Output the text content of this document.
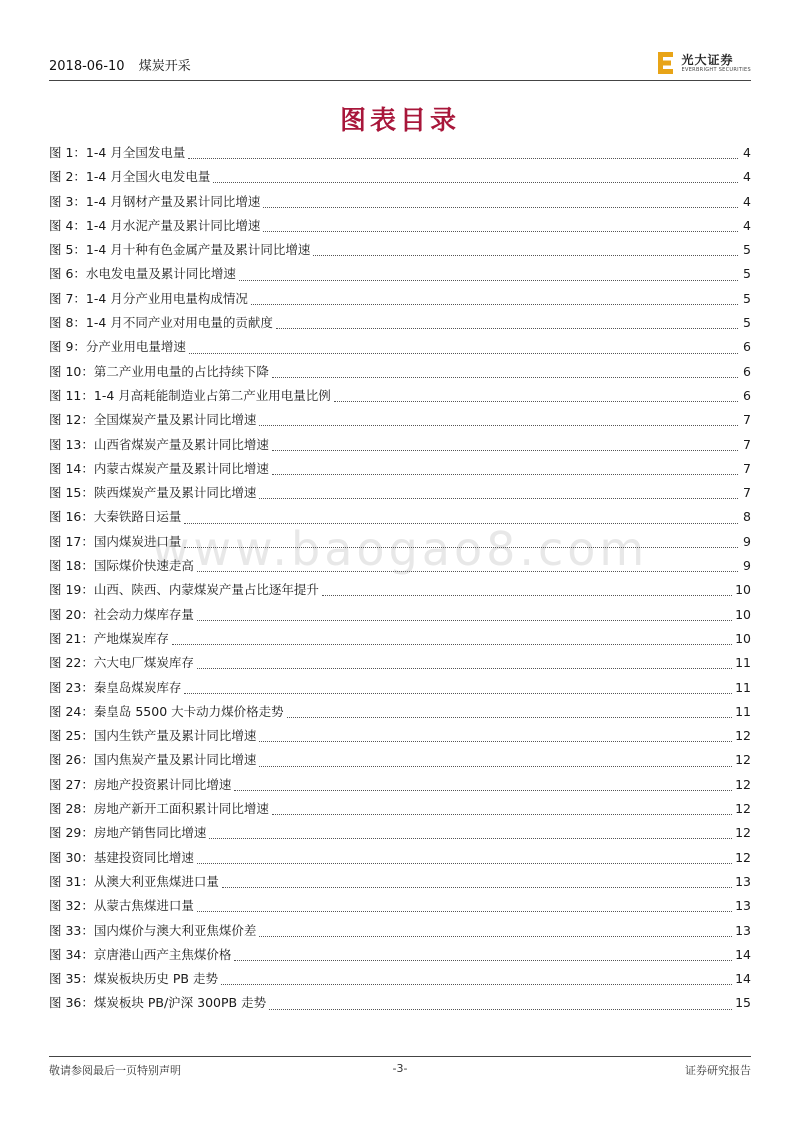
2018-06-10 煤炭开采	光大证券
EVERBRIGHT SECURITIES
图表目录
www.baogao8.com
图 1：1-4 月全国发电量	4
图 2：1-4 月全国火电发电量	4
图 3：1-4 月钢材产量及累计同比增速	4
图 4：1-4 月水泥产量及累计同比增速	4
图 5：1-4 月十种有色金属产量及累计同比增速	5
图 6：水电发电量及累计同比增速	5
图 7：1-4 月分产业用电量构成情况	5
图 8：1-4 月不同产业对用电量的贡献度	5
图 9：分产业用电量增速	6
图 10：第二产业用电量的占比持续下降	6
图 11：1-4 月高耗能制造业占第二产业用电量比例	6
图 12：全国煤炭产量及累计同比增速	7
图 13：山西省煤炭产量及累计同比增速	7
图 14：内蒙古煤炭产量及累计同比增速	7
图 15：陕西煤炭产量及累计同比增速	7
图 16：大秦铁路日运量	8
图 17：国内煤炭进口量	9
图 18：国际煤价快速走高	9
图 19：山西、陕西、内蒙煤炭产量占比逐年提升	10
图 20：社会动力煤库存量	10
图 21：产地煤炭库存	10
图 22：六大电厂煤炭库存	11
图 23：秦皇岛煤炭库存	11
图 24：秦皇岛 5500 大卡动力煤价格走势	11
图 25：国内生铁产量及累计同比增速	12
图 26：国内焦炭产量及累计同比增速	12
图 27：房地产投资累计同比增速	12
图 28：房地产新开工面积累计同比增速	12
图 29：房地产销售同比增速	12
图 30：基建投资同比增速	12
图 31：从澳大利亚焦煤进口量	13
图 32：从蒙古焦煤进口量	13
图 33：国内煤价与澳大利亚焦煤价差	13
图 34：京唐港山西产主焦煤价格	14
图 35：煤炭板块历史 PB 走势	14
图 36：煤炭板块 PB/沪深 300PB 走势	15
敬请参阅最后一页特别声明	-3-	证券研究报告
